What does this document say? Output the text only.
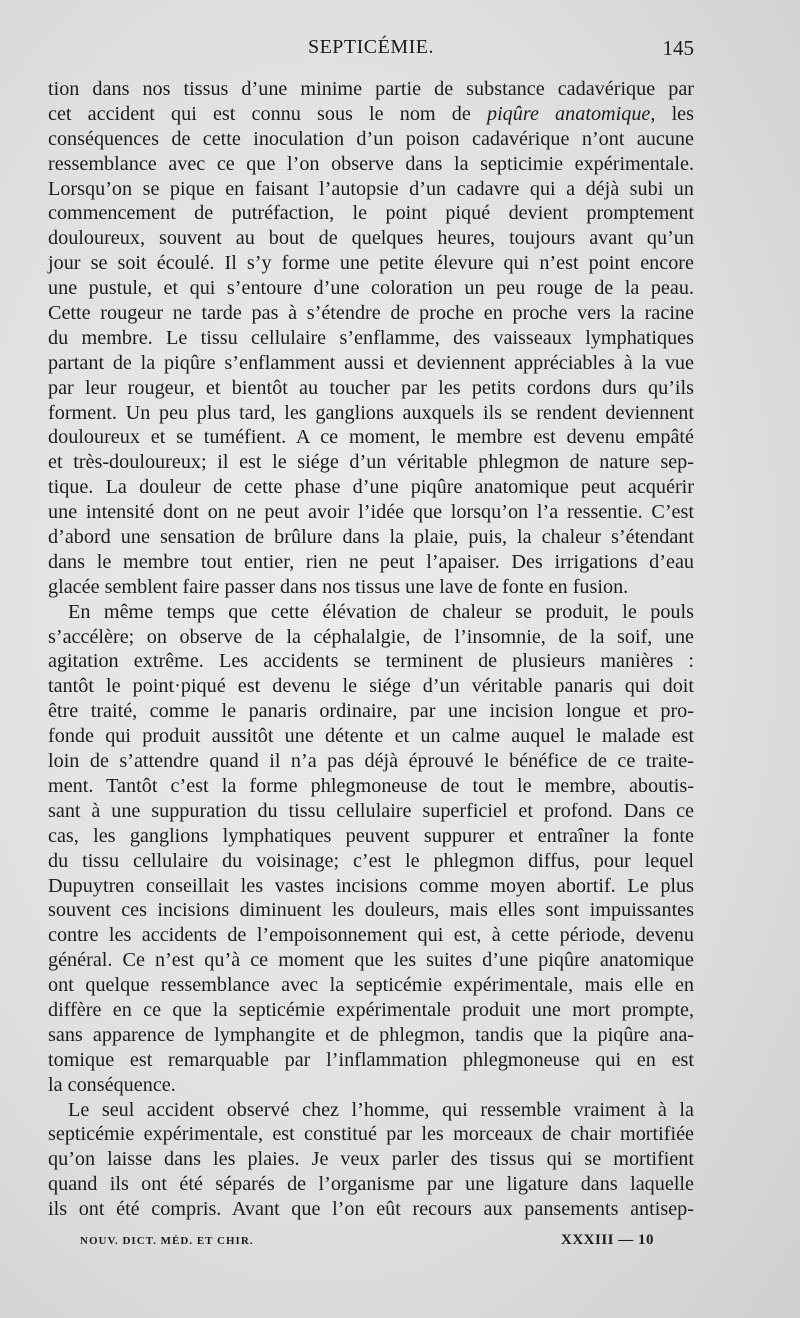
SEPTICÉMIE.	145
tion dans nos tissus d’une minime partie de substance cadavérique par
cet accident qui est connu sous le nom de piqûre anatomique, les
conséquences de cette inoculation d’un poison cadavérique n’ont aucune
ressemblance avec ce que l’on observe dans la septicimie expérimentale.
Lorsqu’on se pique en faisant l’autopsie d’un cadavre qui a déjà subi un
commencement de putréfaction, le point piqué devient promptement
douloureux, souvent au bout de quelques heures, toujours avant qu’un
jour se soit écoulé. Il s’y forme une petite élevure qui n’est point encore
une pustule, et qui s’entoure d’une coloration un peu rouge de la peau.
Cette rougeur ne tarde pas à s’étendre de proche en proche vers la racine
du membre. Le tissu cellulaire s’enflamme, des vaisseaux lymphatiques
partant de la piqûre s’enflamment aussi et deviennent appréciables à la vue
par leur rougeur, et bientôt au toucher par les petits cordons durs qu’ils
forment. Un peu plus tard, les ganglions auxquels ils se rendent deviennent
douloureux et se tuméfient. A ce moment, le membre est devenu empâté
et très-douloureux; il est le siége d’un véritable phlegmon de nature sep-
tique. La douleur de cette phase d’une piqûre anatomique peut acquérir
une intensité dont on ne peut avoir l’idée que lorsqu’on l’a ressentie. C’est
d’abord une sensation de brûlure dans la plaie, puis, la chaleur s’étendant
dans le membre tout entier, rien ne peut l’apaiser. Des irrigations d’eau
glacée semblent faire passer dans nos tissus une lave de fonte en fusion.
En même temps que cette élévation de chaleur se produit, le pouls
s’accélère; on observe de la céphalalgie, de l’insomnie, de la soif, une
agitation extrême. Les accidents se terminent de plusieurs manières :
tantôt le point·piqué est devenu le siége d’un véritable panaris qui doit
être traité, comme le panaris ordinaire, par une incision longue et pro-
fonde qui produit aussitôt une détente et un calme auquel le malade est
loin de s’attendre quand il n’a pas déjà éprouvé le bénéfice de ce traite-
ment. Tantôt c’est la forme phlegmoneuse de tout le membre, aboutis-
sant à une suppuration du tissu cellulaire superficiel et profond. Dans ce
cas, les ganglions lymphatiques peuvent suppurer et entraîner la fonte
du tissu cellulaire du voisinage; c’est le phlegmon diffus, pour lequel
Dupuytren conseillait les vastes incisions comme moyen abortif. Le plus
souvent ces incisions diminuent les douleurs, mais elles sont impuissantes
contre les accidents de l’empoisonnement qui est, à cette période, devenu
général. Ce n’est qu’à ce moment que les suites d’une piqûre anatomique
ont quelque ressemblance avec la septicémie expérimentale, mais elle en
diffère en ce que la septicémie expérimentale produit une mort prompte,
sans apparence de lymphangite et de phlegmon, tandis que la piqûre ana-
tomique est remarquable par l’inflammation phlegmoneuse qui en est
la conséquence.
Le seul accident observé chez l’homme, qui ressemble vraiment à la
septicémie expérimentale, est constitué par les morceaux de chair mortifiée
qu’on laisse dans les plaies. Je veux parler des tissus qui se mortifient
quand ils ont été séparés de l’organisme par une ligature dans laquelle
ils ont été compris. Avant que l’on eût recours aux pansements antisep-
NOUV. DICT. MÉD. ET CHIR.	XXXIII — 10
